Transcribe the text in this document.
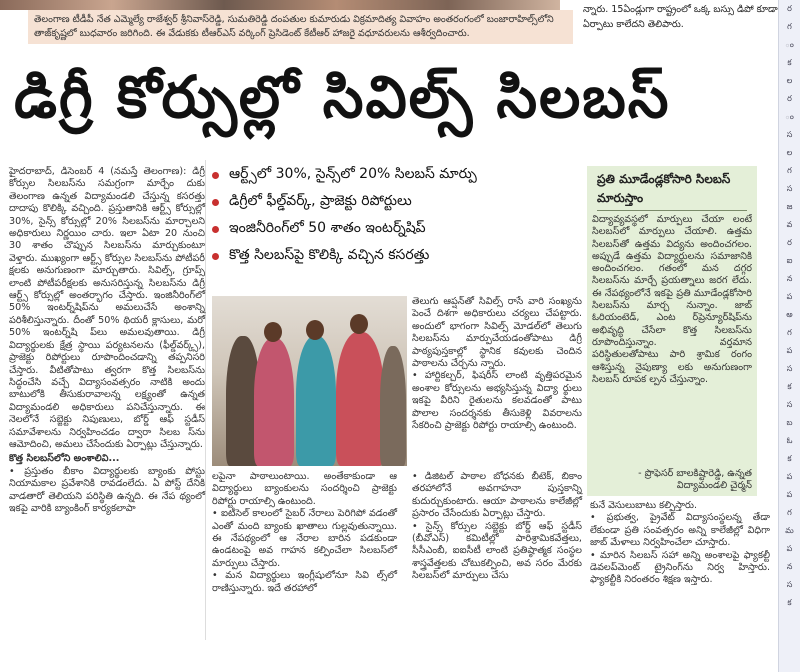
తెలంగాణ టీడీపీ నేత ఎమ్మెల్యే రాజేశ్వర్ శ్రీనివాస్‌రెడ్డి, సుమతిరెడ్డి దంపతుల కుమారుడు విక్రమాదిత్య వివాహం అంతరంగంలో బంజారాహిల్స్‌లోని తాజ్‌కృష్ణలో బుధవారం జరిగింది. ఈ వేడుకకు టీఆర్‌ఎస్ వర్కింగ్ ప్రెసిడెంట్ కేటీఆర్ హాజరై వధూవరులను ఆశీర్వదించారు.
న్నారు. 15ఏండ్లుగా రాష్ట్రంలో ఒక్క బస్సు డిపో కూడా ఏర్పాటు కాలేదని తెలిపారు.
ర
గ
ం
క
ల
ర
ం
స
ల
గ
స
జ
వ
ర
ఐ
న
ప
అ
గ
ప
స
క
స
బ
ఓ
క
ప
ప
గ
మ
ప
న
స
క
డిగ్రీ కోర్సుల్లో సివిల్స్ సిలబస్
హైదరాబాద్, డిసెంబర్ 4 (నమస్తే తెలంగాణ): డిగ్రీ కోర్సుల సిలబస్‌ను సమగ్రంగా మార్చేం దుకు తెలంగాణ ఉన్నత విద్యామండలి చేస్తున్న కసరత్తు దాదాపు కొలిక్కి వచ్చింది. ప్రస్తుతానికి ఆర్ట్స్ కోర్సుల్లో 30%, సైన్స్ కోర్సుల్లో 20% సిలబస్‌ను మార్చాలని అధికారులు నిర్ణయిం చారు. ఇలా ఏటా 20 నుంచి 30 శాతం చొప్పున సిలబస్‌ను మార్చుకుంటూ వెళ్తారు. ముఖ్యంగా ఆర్ట్స్ కోర్సుల సిలబస్‌ను పోటీపరీ క్షలకు అనుగుణంగా మార్చుతారు. సివిల్స్, గ్రూప్స్ లాంటి పోటీపరీక్షలకు అనుసరిస్తున్న సిలబస్‌ను డిగ్రీ ఆర్ట్స్ కోర్సుల్లో అంతర్భాగం చేస్తారు. ఇంజినీరింగ్‌లో 50% ఇంటర్న్‌షిప్‌ను అమలుచేసే అంశాన్ని పరిశీలిస్తున్నారు. దీంతో 50% థియరీ క్లాసులు, మరో 50% ఇంటర్న్‌షి ప్‌లు అమలవుతాయి. డిగ్రీ విద్యార్థులకు క్షేత్ర స్థాయి పర్యటనలను (ఫీల్డ్‌వర్క్స్), ప్రాజెక్టు రిపోర్టులు రూపొందించడాన్ని తప్పనిసరి చేస్తారు. వీటితోపాటు త్వరగా కొత్త సిలబస్‌ను సిద్ధంచేసి వచ్చే విద్యాసంవత్సరం నాటికి అందు బాటులోకి తీసుకురావాలన్న లక్ష్యంతో ఉన్నత విద్యామండలి అధికారులు పనిచేస్తున్నారు. ఈ నెలలోనే సబ్జెక్టు నిపుణులు, బోర్డ్ ఆఫ్ స్టడీస్ సమావేశాలను నిర్వహించడం ద్వారా సిలబ స్‌ను ఆమోదించి, అమలు చేసేందుకు ఏర్పాట్లు చేస్తున్నారు.
కొత్త సిలబస్‌లోని అంశాలివి...
• ప్రస్తుతం బీకాం విద్యార్థులకు బ్యాంకు పోస్టు నియామకాల ప్రవేశానికి రావడంలేదు. ఏ పోస్ట్ దేనికి వాడతారో తెలియని పరిస్థితి ఉన్నది. ఈ నేప థ్యంలో ఇకపై వారికి బ్యాంకింగ్ కార్యకలాపా
ఆర్ట్స్‌లో 30%, సైన్స్‌లో 20% సిలబస్ మార్పు
డిగ్రీలో ఫీల్డ్‌వర్క్, ప్రాజెక్టు రిపోర్టులు
ఇంజినీరింగ్‌లో 50 శాతం ఇంటర్న్‌షిప్
కొత్త సిలబస్‌పై కొలిక్కి వచ్చిన కసరత్తు
తెలుగు ఆప్షన్‌తో సివిల్స్ రాసే వారి సంఖ్యను పెంచే దిశగా అధికారులు చర్యలు చేపట్టారు. అందులో భాగంగా సివిల్స్ మోడల్‌లో తెలుగు సిలబస్‌ను మార్పుచేయడంతోపాటు డిగ్రీ పాఠ్యపుస్తకాల్లో స్థానిక కవులకు చెందిన పాఠాలను చేర్చను న్నారు.
• హార్టికల్చర్, ఫిషరీస్ లాంటి వృత్తిపరమైన అంశాల కోర్సులను అభ్యసిస్తున్న విద్యా ర్థులు ఇకపై వీరిని రైతులను కలవడంతో పాటు పొలాల సందర్శనకు తీసుకెళ్లి వివరాలను సేకరించి ప్రాజెక్టు రిపోర్టు రాయాల్సి ఉంటుంది.
లపైనా పాఠాలుంటాయి. అంతేకాకుండా ఆ విద్యార్థులు బ్యాంకులను సందర్శించి ప్రాజెక్టు రిపోర్టు రాయాల్సి ఉంటుంది.
• ఐటీసెల్ కాలంలో సైబర్ నేరాలు పెరిగిపో వడంతో ఎంతో మంది బ్యాంకు ఖాతాలు గుల్లవుతున్నాయి. ఈ నేపథ్యంలో ఆ నేరాల బారిన పడకుండా ఉండటంపై అవ గాహన కల్పించేలా సిలబస్‌లో మార్పులు చేస్తారు.
• మన విద్యార్థులు ఇంగ్లీషులోనూ సివి ల్స్‌లో రాణిస్తున్నారు. ఇదే తరహాలో
• డిజిటల్ పాఠాల బోధనకు బీటెక్, బికాం తరహాలోనే అవగాహనా పుస్తకాన్ని కుదుర్చుకుంటారు. ఆయా పాఠాలను కాలేజీల్లో ప్రసారం చేసేందుకు ఏర్పాట్లు చేస్తారు.
• సైన్స్ కోర్సుల సబ్జెక్టు బోర్డ్ ఆఫ్ స్టడీస్ (బీవోఎస్) కమిటీల్లో పారిశ్రామికవేత్తలు, సీసీఎంబీ, ఐఐసీటీ లాంటి ప్రతిష్ఠాత్మక సంస్థల శాస్త్రవేత్తలకు చోటుకల్పించి, అవ సరం మేరకు సిలబస్‌లో మార్పులు చేసు
ప్రతి మూడేండ్లకోసారి సిలబస్ మారుస్తాం
విద్యావ్యవస్థలో మార్పులు చేయా లంటే సిలబస్‌లో మార్పులు చేయాలి. ఉత్తమ సిలబస్‌తో ఉత్తమ విద్యను అందించగలం. అప్పుడే ఉత్తమ విద్యార్థులను సమాజానికి అందించగలం. గతంలో మన దగ్గర సిలబస్‌ను మార్చే ప్రయత్నాలు జరగ లేదు. ఈ నేపథ్యంలోనే ఇకపై ప్రతి మూడేండ్లకోసారి సిలబస్‌ను మార్చ నున్నాం. జాబ్ ఓరియంటెడ్, ఎంట ర్‌ప్రెన్యూర్‌షిప్‌ను అభివృద్ధి చేసేలా కొత్త సిలబస్‌ను రూపొందిస్తున్నాం. వర్తమాన పరిస్థితులతోపాటు పారి శ్రామిక రంగం ఆశిస్తున్న నైపుణ్యా లకు అనుగుణంగా సిలబస్ రూపక ల్పన చేస్తున్నాం.
- ప్రొఫెసర్ బాలకిష్టారెడ్డి, ఉన్నత విద్యామండలి చైర్మన్
కునే వెసులుబాటు కల్పిస్తారు.
• ప్రభుత్వ, ప్రైవేట్ విద్యాసంస్థలన్న తేడా లేకుండా ప్రతి సంవత్సరం అన్ని కాలేజీల్లో విధిగా జాబ్ మేళాలు నిర్వహించేలా చూస్తారు.
• మారిన సిలబస్ సహా అన్ని అంశాలపై ఫ్యాకల్టీ డెవలప్‌మెంట్ ట్రైనింగ్‌ను నిర్వ హిస్తారు. ఫ్యాకల్టీకి నిరంతరం శిక్షణ ఇస్తారు.
